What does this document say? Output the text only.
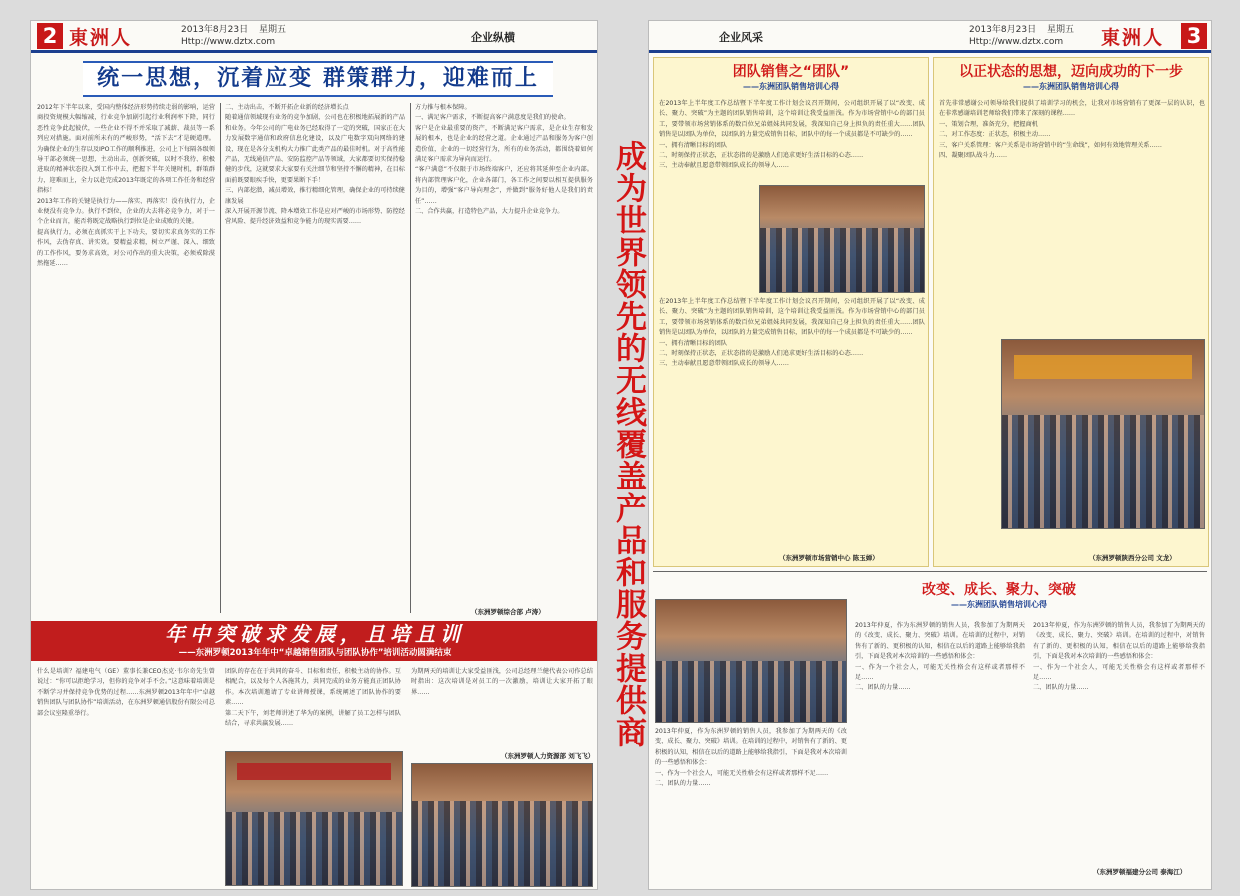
2 東洲人	2013年8月23日 星期五
Http://www.dztx.com	企业纵横
统一思想，沉着应变 群策群力，迎难而上
2012年下半年以来，受国内整体经济形势持续走弱的影响，运营商投资规模大幅缩减，行业竞争加剧引起行业利润率下降，同行恶性竞争此起彼伏，一些企业不得不并采取了减薪、裁员等一系列应对措施。面对前所未有的严峻形势，“活下去”才是硬道理。为确保企业的生存以及IPO工作的顺利推进，公司上下每隔各级领导干部必须统一思想，主动出击，创新突破，以时不我待、积极进取的精神状态投入到工作中去，把握下半年关键时机，群策群力，迎难而上，全力以赴完成2013年既定的各项工作任务和经营指标！
2013年工作的关键是执行力——落实、再落实！没有执行力，企业便没有竞争力。执行不到位，企业的大去将必竞争力，对于一个企业而言，能否将既定战略执行到位是企业成败的关键。
提高执行力，必须在真抓实干上下功夫，要切实求真务实的工作作风，去伪存真、讲实效。要精益求精，树立严谨、深入、细致的工作作风，要务求高效，对公司作出的重大决策，必须戒除漠然拖延……
二、主动出击，不断开拓企业新的经济增长点
随着通信领域现有业务的竞争加剧，公司也在积极地拓展新的产品和业务。今年公司的广电业务已经取得了一定的突破，国家正在大力发展数字通信和政府信息化建设，以及广电数字双向网络的建设，现在是各分支机构大力推广此类产品的最佳时机。对于高性能产品，无线通信产品、安防监控产品等领域，大家都要切实保持稳健的步伐，这就要求大家要有关注细节和坚持不懈的精神，在目标面前既要眼疾手快，更要果断下手！
三、内部挖潜，减员增效，推行精细化管理，确保企业的可持续健康发展
深入开展开源节流、降本增效工作是应对严峻的市场形势、防控经营风险、提升经济效益和竞争能力的现实需要……
方力推与根本保障。
一、满足客户需求，不断提高客户满意度是我们的使命。
客户是企业最重要的资产，不断满足客户需求，是企业生存和发展的根本，也是企业的经营之道。企业通过产品和服务为客户创造价值，企业的一切经营行为，所有的业务活动，都围绕着如何满足客户需求为导向而运行。
“客户满意”不仅限于市场终端客户，还应将其延伸至企业内部。将内部管理客户化，企业各部门，各工作之间要以相互提供服务为目的，增强“客户导向理念”，并做到“服务好他人是我们的责任”……
二、合作共赢，打造特色产品，大力提升企业竞争力。
（东洲罗顿综合部 卢涛）
年中突破求发展，且培且训
——东洲罗顿2013年年中“卓越销售团队与团队协作”培训活动圆满结束
什么是培训？福建电气（GE）董事长兼CEO杰克·韦尔奇先生曾说过：“你可以拒绝学习，但你的竞争对手不会。”这意味着培训是不断学习并保持竞争优势的过程……东洲罗顿2013年年中“卓越销售团队与团队协作”培训活动，在东洲罗顿通信股份有限公司总部会议室隆重举行。
团队的存在在于共同的奋斗、目标和责任，积极主动的协作。互相配合，以及每个人各施其力，共同完成的业务方能真正团队协作。本次培训邀请了专业讲师授课，系统阐述了团队协作的要素……
第二天下午，刘老师讲述了华为的案例，讲解了员工怎样与团队结合，寻求共赢发展……
为期两天的培训让大家受益匪浅，公司总经理兰健代表公司作总结时指出：这次培训是对员工的一次激励，培训让大家开拓了眼界……
（东洲罗顿人力资源部 刘飞飞）
成为世界领先的无线覆盖产品和服务提供商
企业风采
2013年8月23日 星期五
Http://www.dztx.com	東洲人 3
团队销售之“团队”
——东洲团队销售培训心得
在2013年上半年度工作总结暨下半年度工作计划会议召开期间，公司组织开展了以“改变、成长、聚力、突破”为主题的团队销售培训，这个培训让我受益匪浅。作为市场营销中心的部门员工，要带领市场营销体系的数百位兄弟姐妹共同发展，我深知自己身上担负的责任重大……团队销售是以团队为单位，以团队的力量完成销售目标，团队中的每一个成员都是不可缺少的……
一、拥有清晰目标的团队
二、时刻保持正状态，正状态指的是激励人们追求更好生活目标的心态……
三、主动奉献且愿意带领团队成长的领导人……
在2013年上半年度工作总结暨下半年度工作计划会议召开期间，公司组织开展了以“改变、成长、聚力、突破”为主题的团队销售培训，这个培训让我受益匪浅。作为市场营销中心的部门员工，要带领市场营销体系的数百位兄弟姐妹共同发展，我深知自己身上担负的责任重大……团队销售是以团队为单位，以团队的力量完成销售目标，团队中的每一个成员都是不可缺少的……
一、拥有清晰目标的团队
二、时刻保持正状态，正状态指的是激励人们追求更好生活目标的心态……
三、主动奉献且愿意带领团队成长的领导人……
（东洲罗顿市场营销中心 陈玉婵）
以正状态的思想，迈向成功的下一步
——东洲团队销售培训心得
首先非常感谢公司领导给我们提供了培训学习的机会，让我对市场营销有了更深一层的认识，也在非常感谢培训老师给我们带来了深刻的课程……
一、策划合理，准备充分，把握商机
二、对工作态度：正状态，积极主动……
三、客户关系管理：客户关系是市场营销中的“生命线”，如何有效地管理关系……
四、凝聚团队战斗力……
（东洲罗顿陕西分公司 文龙）
改变、成长、聚力、突破
——东洲团队销售培训心得
2013年仲夏，作为东洲罗顿的销售人员，我参加了为期两天的《改变、成长、聚力、突破》培训。在培训的过程中，对销售有了新的、更积极的认知，相信在以后的道路上能够给我指引，下面是我对本次培训的一些感悟和体会：
一、作为一个社会人，可能无关性格会有这样或者那样不足……
二、团队的力量……
2013年仲夏，作为东洲罗顿的销售人员，我参加了为期两天的《改变、成长、聚力、突破》培训。在培训的过程中，对销售有了新的、更积极的认知，相信在以后的道路上能够给我指引，下面是我对本次培训的一些感悟和体会：
一、作为一个社会人，可能无关性格会有这样或者那样不足……
二、团队的力量……
2013年仲夏，作为东洲罗顿的销售人员，我参加了为期两天的《改变、成长、聚力、突破》培训。在培训的过程中，对销售有了新的、更积极的认知，相信在以后的道路上能够给我指引，下面是我对本次培训的一些感悟和体会：
一、作为一个社会人，可能无关性格会有这样或者那样不足……
二、团队的力量……
（东洲罗顿福建分公司 泰海江）
